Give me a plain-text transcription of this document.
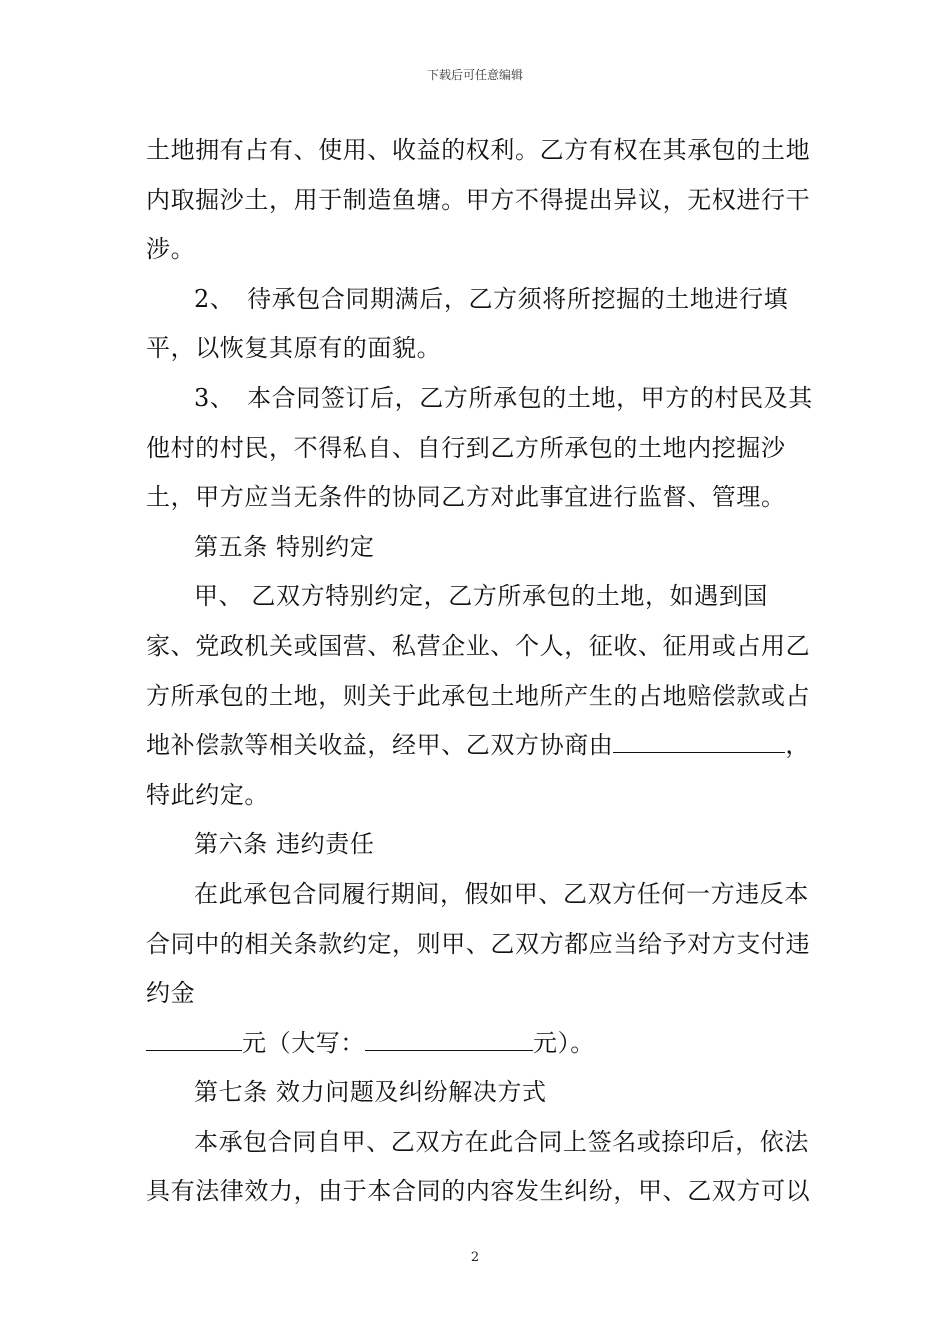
下载后可任意编辑

土地拥有占有、使用、收益的权利。乙方有权在其承包的土地内取掘沙土，用于制造鱼塘。甲方不得提出异议，无权进行干涉。

2、　待承包合同期满后，乙方须将所挖掘的土地进行填平，以恢复其原有的面貌。

3、　本合同签订后，乙方所承包的土地，甲方的村民及其他村的村民，不得私自、自行到乙方所承包的土地内挖掘沙土，甲方应当无条件的协同乙方对此事宜进行监督、管理。

第五条 特别约定

甲、 乙双方特别约定，乙方所承包的土地，如遇到国家、党政机关或国营、私营企业、个人，征收、征用或占用乙方所承包的土地，则关于此承包土地所产生的占地赔偿款或占地补偿款等相关收益，经甲、乙双方协商由	，特此约定。

第六条 违约责任

在此承包合同履行期间，假如甲、乙双方任何一方违反本合同中的相关条款约定，则甲、乙双方都应当给予对方支付违约金

元（大写：	元）。

第七条 效力问题及纠纷解决方式

本承包合同自甲、乙双方在此合同上签名或捺印后，依法具有法律效力，由于本合同的内容发生纠纷，甲、乙双方可以

2
